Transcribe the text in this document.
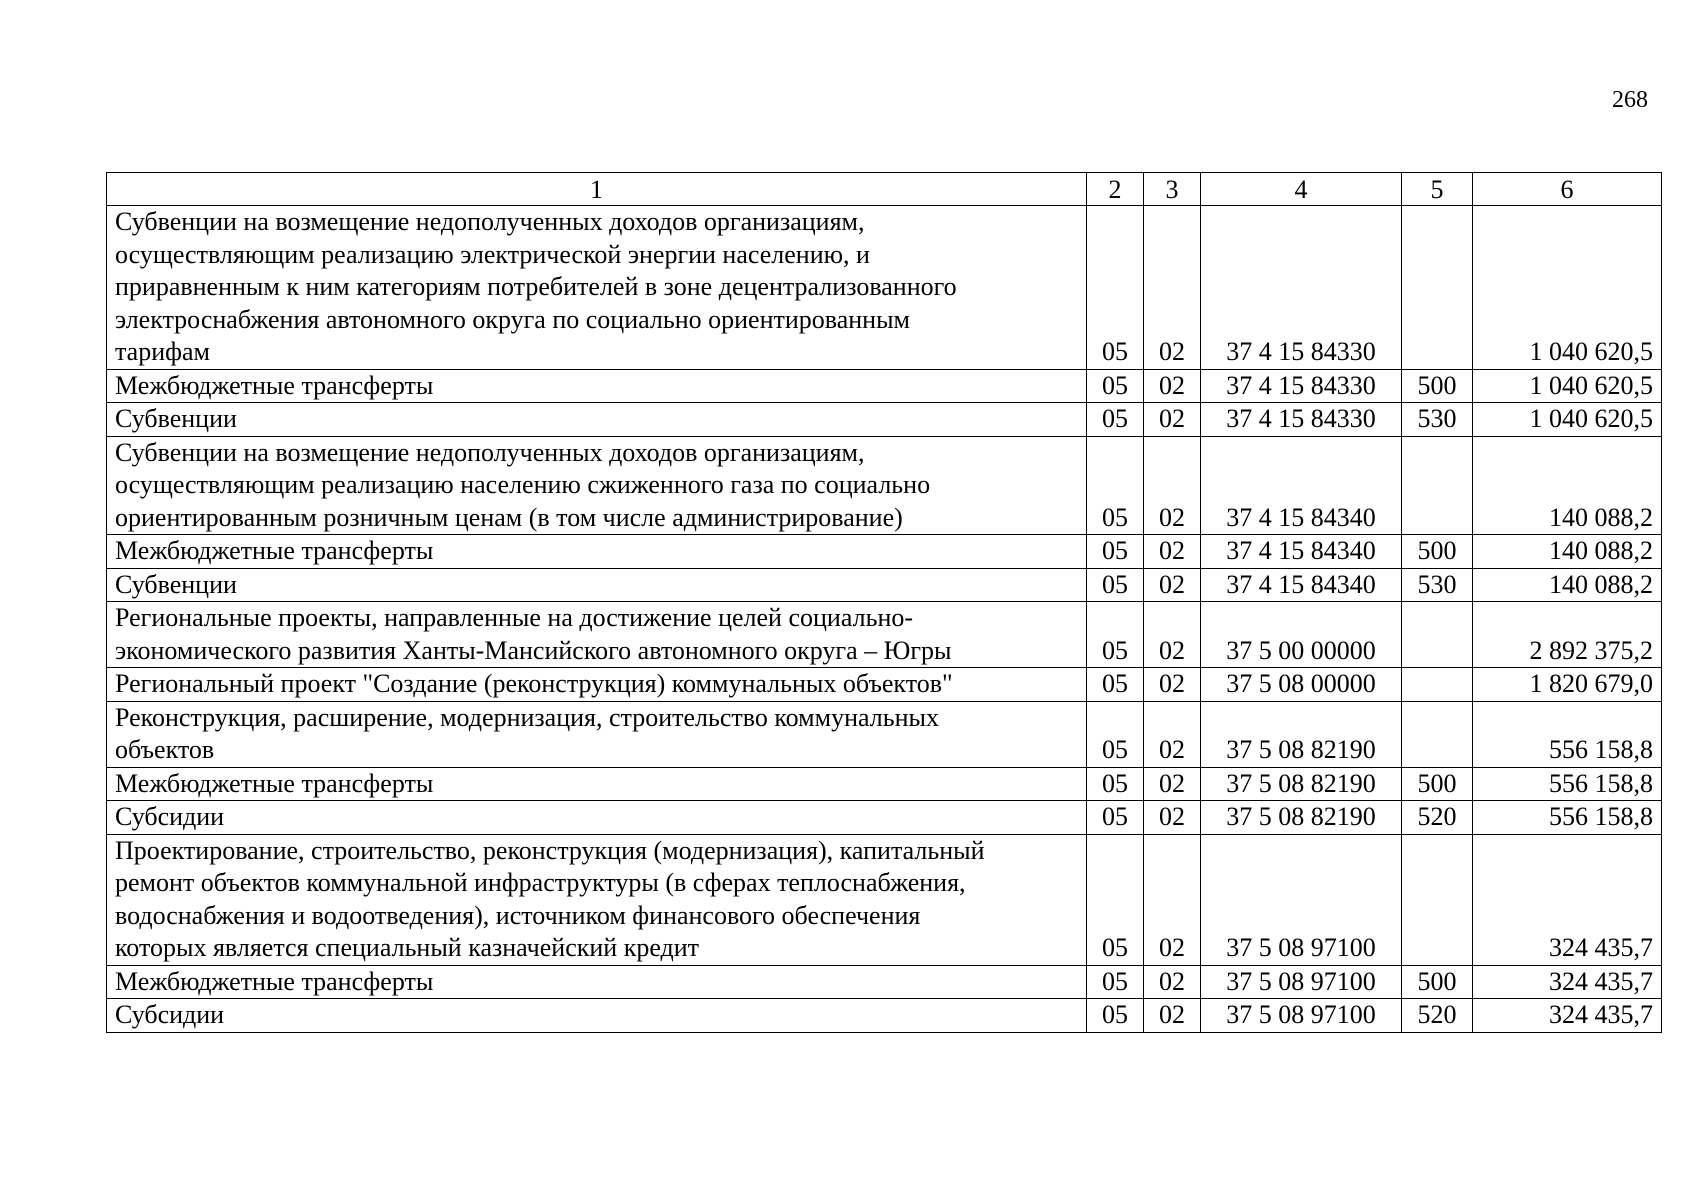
268
1	2	3	4	5	6

Субвенции на возмещение недополученных доходов организациям,
осуществляющим реализацию электрической энергии населению, и
приравненным к ним категориям потребителей в зоне децентрализованного
электроснабжения автономного округа по социально ориентированным
тарифам	05	02	37 4 15 84330		1 040 620,5

Межбюджетные трансферты	05	02	37 4 15 84330	500	1 040 620,5

Субвенции	05	02	37 4 15 84330	530	1 040 620,5

Субвенции на возмещение недополученных доходов организациям,
осуществляющим реализацию населению сжиженного газа по социально
ориентированным розничным ценам (в том числе администрирование)	05	02	37 4 15 84340		140 088,2

Межбюджетные трансферты	05	02	37 4 15 84340	500	140 088,2

Субвенции	05	02	37 4 15 84340	530	140 088,2

Региональные проекты, направленные на достижение целей социально-
экономического развития Ханты-Мансийского автономного округа – Югры	05	02	37 5 00 00000		2 892 375,2

Региональный проект "Создание (реконструкция) коммунальных объектов"	05	02	37 5 08 00000		1 820 679,0

Реконструкция, расширение, модернизация, строительство коммунальных
объектов	05	02	37 5 08 82190		556 158,8

Межбюджетные трансферты	05	02	37 5 08 82190	500	556 158,8

Субсидии	05	02	37 5 08 82190	520	556 158,8

Проектирование, строительство, реконструкция (модернизация), капитальный
ремонт объектов коммунальной инфраструктуры (в сферах теплоснабжения,
водоснабжения и водоотведения), источником финансового обеспечения
которых является специальный казначейский кредит	05	02	37 5 08 97100		324 435,7

Межбюджетные трансферты	05	02	37 5 08 97100	500	324 435,7

Субсидии	05	02	37 5 08 97100	520	324 435,7
